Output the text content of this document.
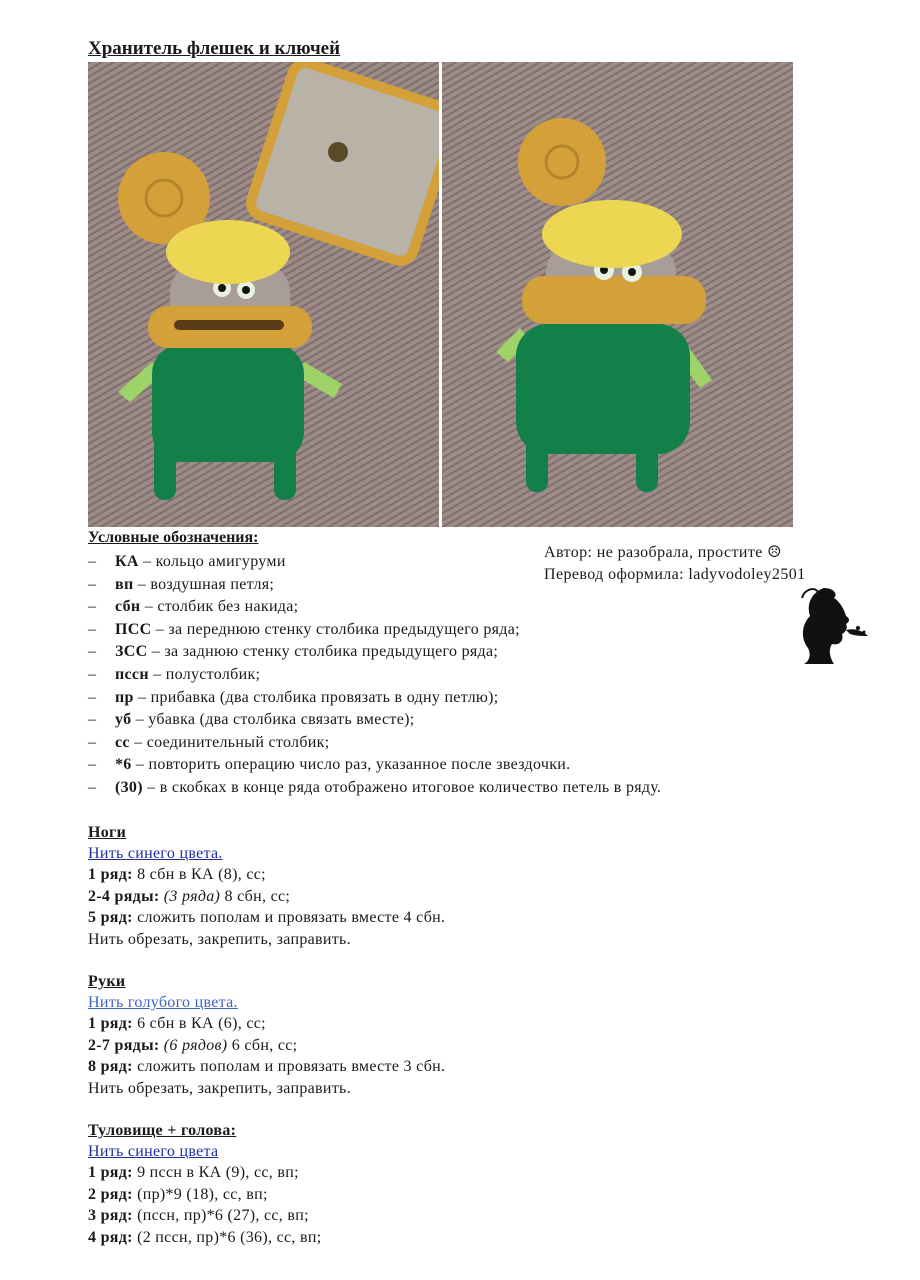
Хранитель флешек и ключей
Условные обозначения:
– КА – кольцо амигуруми
– вп – воздушная петля;
– сбн – столбик без накида;
– ПСС – за переднюю стенку столбика предыдущего ряда;
– ЗСС – за заднюю стенку столбика предыдущего ряда;
– пссн – полустолбик;
– пр – прибавка (два столбика провязать в одну петлю);
– уб – убавка (два столбика связать вместе);
– сс – соединительный столбик;
– *6 – повторить операцию число раз, указанное после звездочки.
– (30) – в скобках в конце ряда отображено итоговое количество петель в ряду.
Автор: не разобрала, простите ☹
Перевод оформила: ladyvodoley2501
Ноги
Нить синего цвета.
1 ряд: 8 сбн в КА (8), сс;
2-4 ряды: (3 ряда) 8 сбн, сс;
5 ряд: сложить пополам и провязать вместе 4 сбн.
Нить обрезать, закрепить, заправить.
Руки
Нить голубого цвета.
1 ряд: 6 сбн в КА (6), сс;
2-7 ряды: (6 рядов) 6 сбн, сс;
8 ряд: сложить пополам и провязать вместе 3 сбн.
Нить обрезать, закрепить, заправить.
Туловище + голова:
Нить синего цвета
1 ряд: 9 пссн в КА (9), сс, вп;
2 ряд: (пр)*9 (18), сс, вп;
3 ряд: (пссн, пр)*6 (27), сс, вп;
4 ряд: (2 пссн, пр)*6 (36), сс, вп;
